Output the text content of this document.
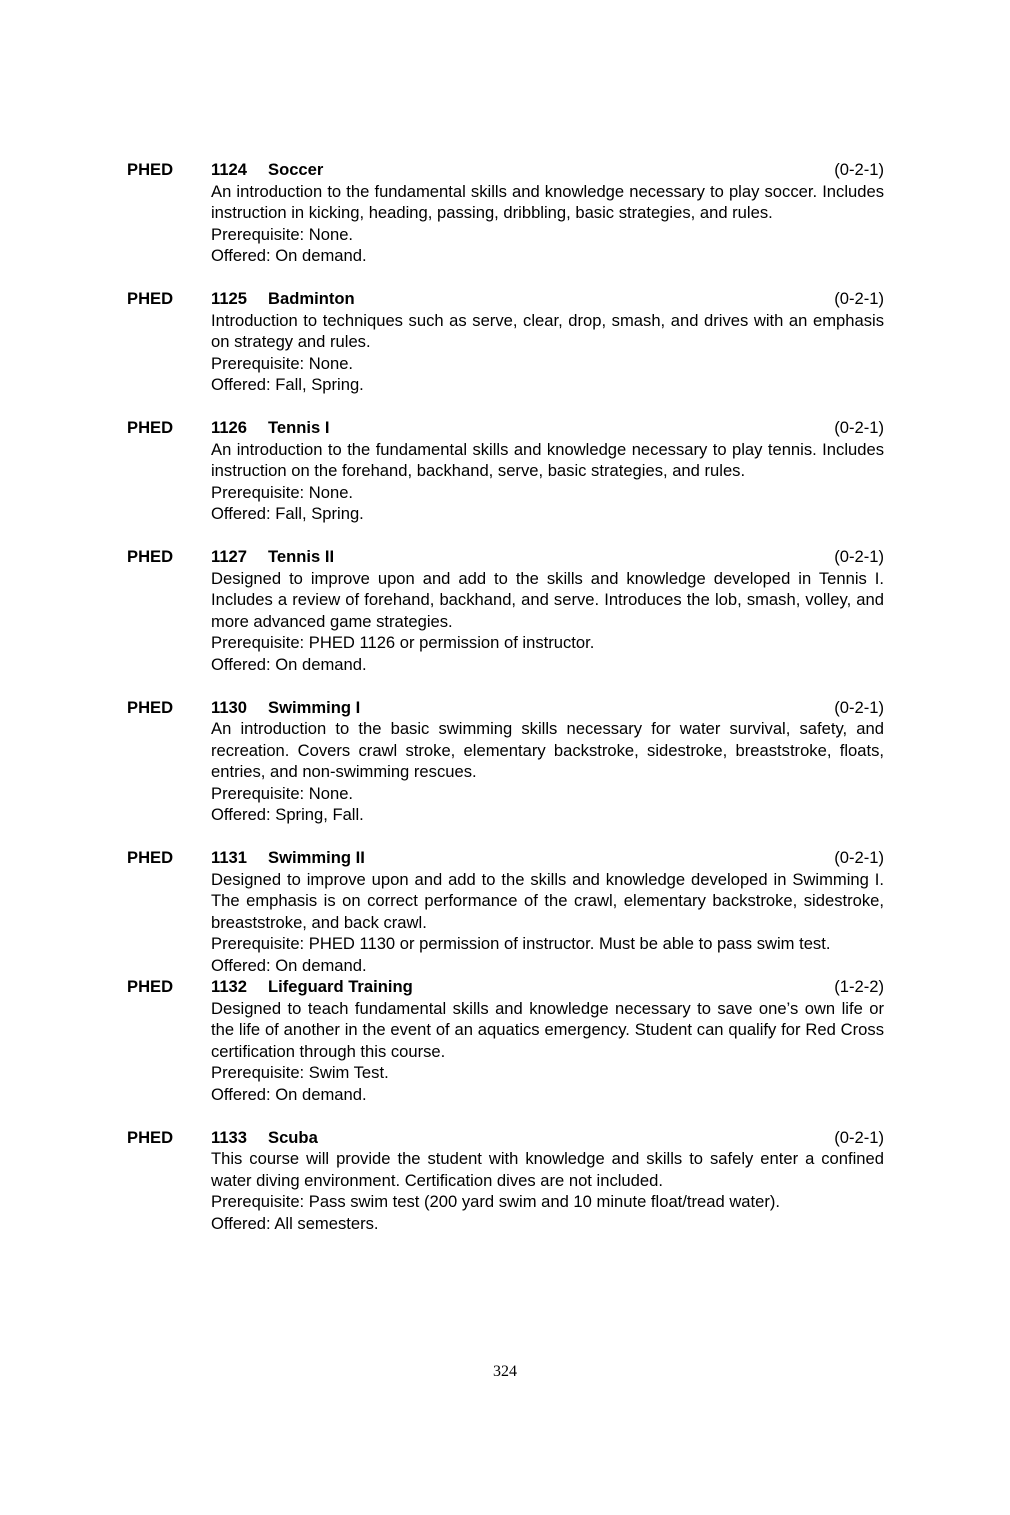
PHED 1124 Soccer	(0-2-1)

An introduction to the fundamental skills and knowledge necessary to play soccer. Includes instruction in kicking, heading, passing, dribbling, basic strategies, and rules.

Prerequisite: None.

Offered: On demand.

PHED 1125 Badminton	(0-2-1)

Introduction to techniques such as serve, clear, drop, smash, and drives with an emphasis on strategy and rules.

Prerequisite: None.

Offered: Fall, Spring.

PHED 1126 Tennis I	(0-2-1)

An introduction to the fundamental skills and knowledge necessary to play tennis. Includes instruction on the forehand, backhand, serve, basic strategies, and rules.

Prerequisite: None.

Offered: Fall, Spring.

PHED 1127 Tennis II	(0-2-1)

Designed to improve upon and add to the skills and knowledge developed in Tennis I. Includes a review of forehand, backhand, and serve. Introduces the lob, smash, volley, and more advanced game strategies.

Prerequisite: PHED 1126 or permission of instructor.

Offered: On demand.

PHED 1130 Swimming I	(0-2-1)

An introduction to the basic swimming skills necessary for water survival, safety, and recreation. Covers crawl stroke, elementary backstroke, sidestroke, breaststroke, floats, entries, and non-swimming rescues.

Prerequisite: None.

Offered: Spring, Fall.

PHED 1131 Swimming II	(0-2-1)

Designed to improve upon and add to the skills and knowledge developed in Swimming I. The emphasis is on correct performance of the crawl, elementary backstroke, sidestroke, breaststroke, and back crawl.

Prerequisite: PHED 1130 or permission of instructor. Must be able to pass swim test.

Offered: On demand.

PHED 1132 Lifeguard Training	(1-2-2)

Designed to teach fundamental skills and knowledge necessary to save one’s own life or the life of another in the event of an aquatics emergency. Student can qualify for Red Cross certification through this course.

Prerequisite: Swim Test.

Offered: On demand.

PHED 1133 Scuba	(0-2-1)

This course will provide the student with knowledge and skills to safely enter a confined water diving environment. Certification dives are not included.

Prerequisite: Pass swim test (200 yard swim and 10 minute float/tread water).

Offered: All semesters.

324
